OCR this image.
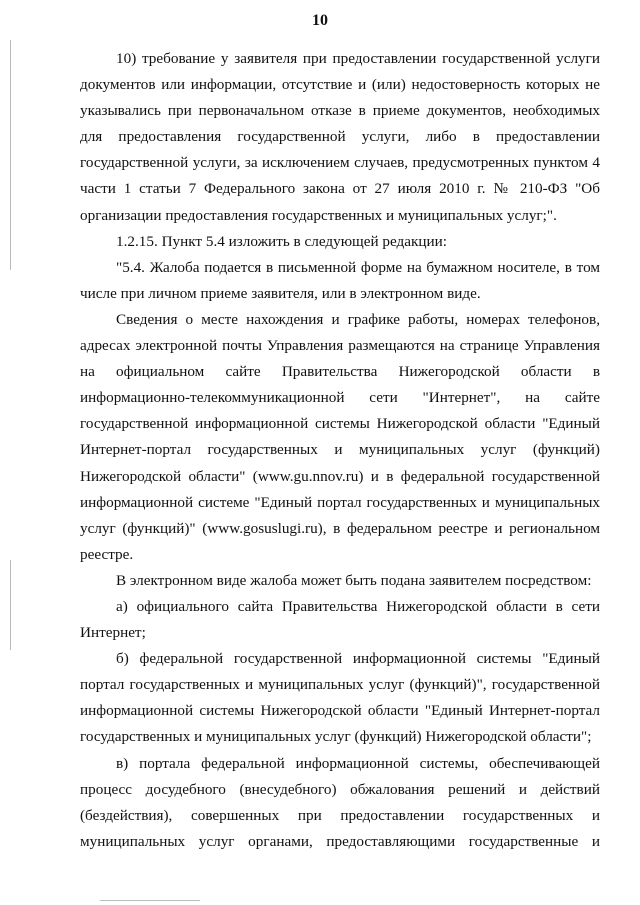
10

10) требование у заявителя при предоставлении государственной услуги документов или информации, отсутствие и (или) недостоверность которых не указывались при первоначальном отказе в приеме документов, необходимых для предоставления государственной услуги, либо в предоставлении государственной услуги, за исключением случаев, предусмотренных пунктом 4 части 1 статьи 7 Федерального закона от 27 июля 2010 г. № 210-ФЗ "Об организации предоставления государственных и муниципальных услуг;".

1.2.15. Пункт 5.4 изложить в следующей редакции:

"5.4. Жалоба подается в письменной форме на бумажном носителе, в том числе при личном приеме заявителя, или в электронном виде.

Сведения о месте нахождения и графике работы, номерах телефонов, адресах электронной почты Управления размещаются на странице Управления на официальном сайте Правительства Нижегородской области в информационно-телекоммуникационной сети "Интернет", на сайте государственной информационной системы Нижегородской области "Единый Интернет-портал государственных и муниципальных услуг (функций) Нижегородской области" (www.gu.nnov.ru) и в федеральной государственной информационной системе "Единый портал государственных и муниципальных услуг (функций)" (www.gosuslugi.ru), в федеральном реестре и региональном реестре.

В электронном виде жалоба может быть подана заявителем посредством:

а) официального сайта Правительства Нижегородской области в сети Интернет;

б) федеральной государственной информационной системы "Единый портал государственных и муниципальных услуг (функций)", государственной информационной системы Нижегородской области "Единый Интернет-портал государственных и муниципальных услуг (функций) Нижегородской области";

в) портала федеральной информационной системы, обеспечивающей процесс досудебного (внесудебного) обжалования решений и действий (бездействия), совершенных при предоставлении государственных и муниципальных услуг органами, предоставляющими государственные и
